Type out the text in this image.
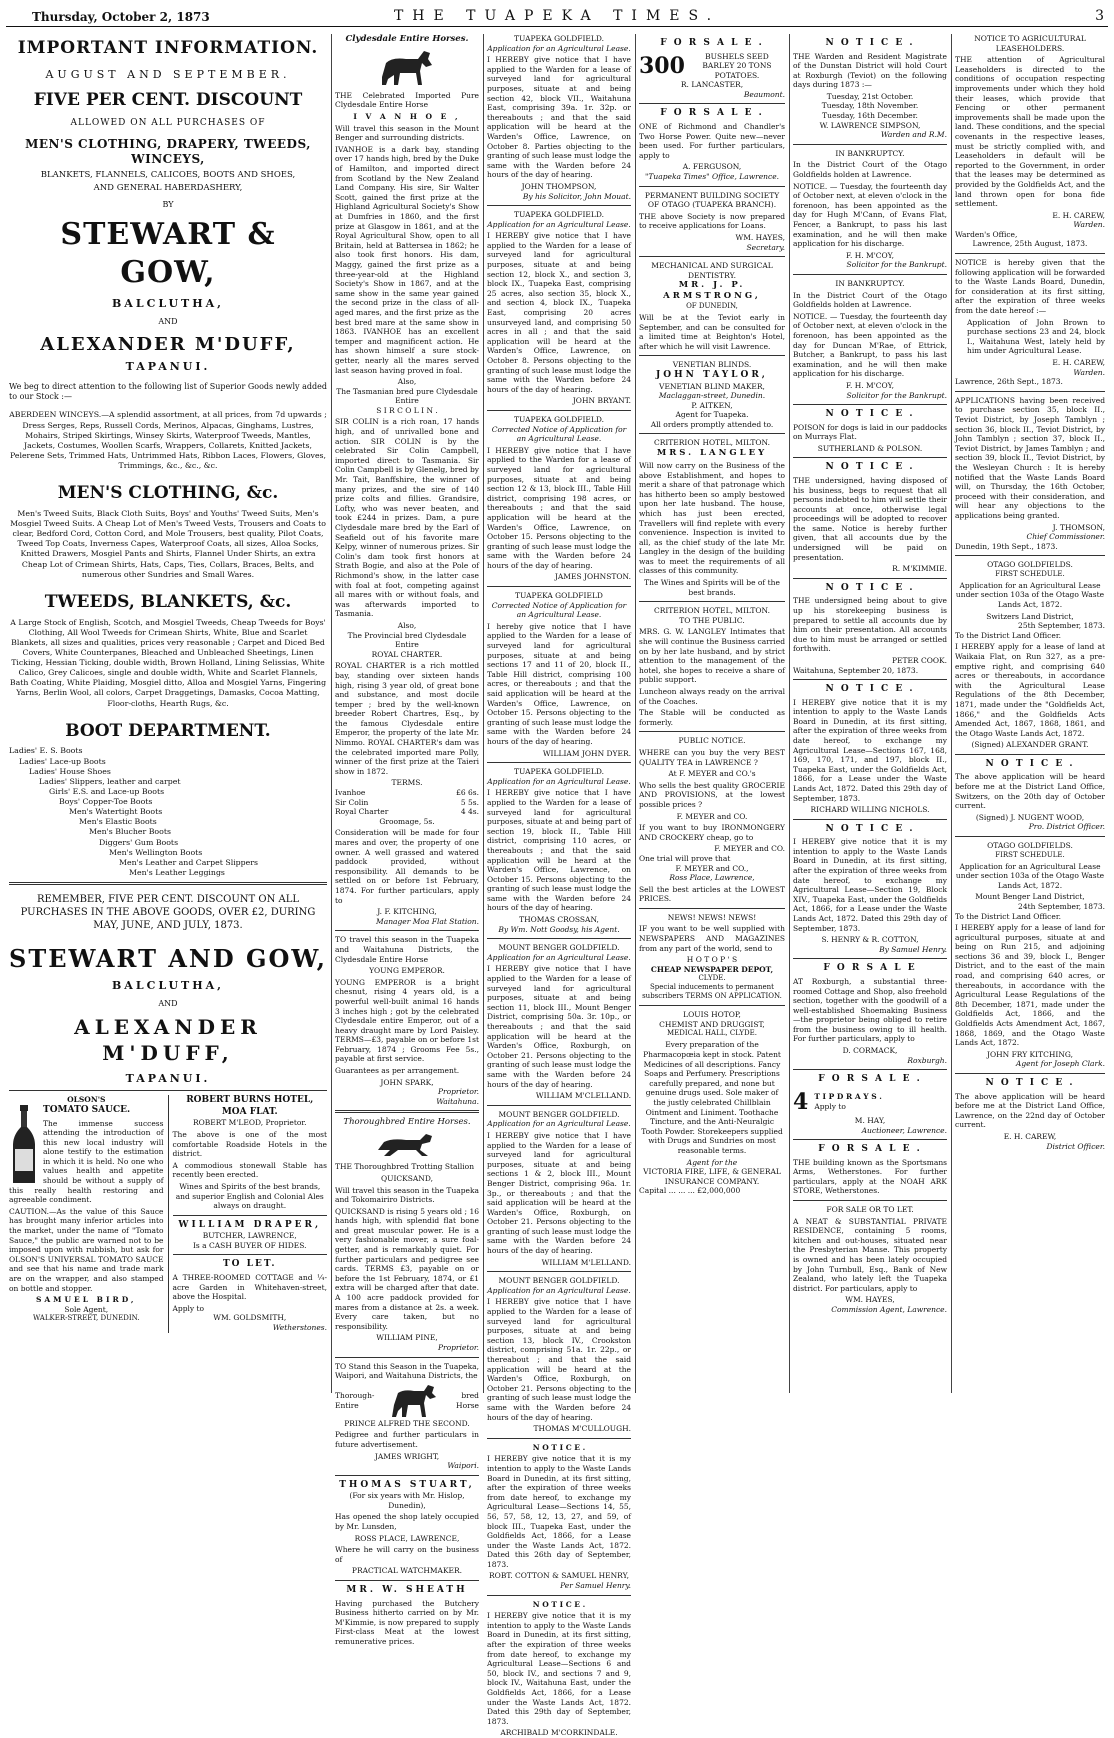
Thursday, October 2, 1873	THE TUAPEKA TIMES.	3
IMPORTANT INFORMATION.
AUGUST AND SEPTEMBER.
FIVE PER CENT. DISCOUNT
ALLOWED ON ALL PURCHASES OF
MEN'S CLOTHING, DRAPERY, TWEEDS, WINCEYS,
BLANKETS, FLANNELS, CALICOES, BOOTS AND SHOES,
AND GENERAL HABERDASHERY,
BY
STEWART & GOW,
BALCLUTHA,
AND
ALEXANDER M'DUFF,
TAPANUI.

We beg to direct attention to the following list of Superior Goods newly added to our Stock :—

ABERDEEN WINCEYS.—A splendid assortment, at all prices, from 7d upwards ; Dress Serges, Reps, Russell Cords, Merinos, Alpacas, Ginghams, Lustres, Mohairs, Striped Skirtings, Winsey Skirts, Waterproof Tweeds, Mantles, Jackets, Costumes, Woollen Scarfs, Wrappers, Collarets, Knitted Jackets, Pelerene Sets, Trimmed Hats, Untrimmed Hats, Ribbon Laces, Flowers, Gloves, Trimmings, &c., &c., &c.
MEN'S CLOTHING, &c.
Men's Tweed Suits, Black Cloth Suits, Boys' and Youths' Tweed Suits, Men's Mosgiel Tweed Suits. A Cheap Lot of Men's Tweed Vests, Trousers and Coats to clear, Bedford Cord, Cotton Cord, and Mole Trousers, best quality, Pilot Coats, Tweed Top Coats, Inverness Capes, Waterproof Coats, all sizes, Alloa Socks, Knitted Drawers, Mosgiel Pants and Shirts, Flannel Under Shirts, an extra Cheap Lot of Crimean Shirts, Hats, Caps, Ties, Collars, Braces, Belts, and numerous other Sundries and Small Wares.
TWEEDS, BLANKETS, &c.
A Large Stock of English, Scotch, and Mosgiel Tweeds, Cheap Tweeds for Boys' Clothing, All Wool Tweeds for Crimean Shirts, White, Blue and Scarlet Blankets, all sizes and qualities, prices very reasonable ; Carpet and Diced Bed Covers, White Counterpanes, Bleached and Unbleached Sheetings, Linen Ticking, Hessian Ticking, double width, Brown Holland, Lining Selissias, White Calico, Grey Calicoes, single and double width, White and Scarlet Flannels, Bath Coating, White Plaiding, Mosgiel ditto, Alloa and Mosgiel Yarns, Fingering Yarns, Berlin Wool, all colors, Carpet Draggetings, Damasks, Cocoa Matting, Floor-cloths, Hearth Rugs, &c.
BOOT DEPARTMENT.
Ladies' E. S. Boots
Ladies' Lace-up Boots
Ladies' House Shoes
Ladies' Slippers, leather and carpet
Girls' E.S. and Lace-up Boots
Boys' Copper-Toe Boots
Men's Watertight Boots
Men's Elastic Boots
Men's Blucher Boots
Diggers' Gum Boots
Men's Wellington Boots
Men's Leather and Carpet Slippers
Men's Leather Leggings
REMEMBER, FIVE PER CENT. DISCOUNT ON ALL PURCHASES IN THE ABOVE GOODS, OVER £2, DURING MAY, JUNE, AND JULY, 1873.
STEWART AND GOW,
BALCLUTHA,
AND
ALEXANDER M'DUFF,
TAPANUI.
OLSON'S
TOMATO SAUCE.

The immense success attending the introduction of this new local industry will alone testify to the estimation in which it is held. No one who values health and appetite should be without a supply of this really health restoring and agreeable condiment.

CAUTION.—As the value of this Sauce has brought many inferior articles into the market, under the name of "Tomato Sauce," the public are warned not to be imposed upon with rubbish, but ask for OLSON'S UNIVERSAL TOMATO SAUCE and see that his name and trade mark are on the wrapper, and also stamped on bottle and stopper.

SAMUEL BIRD,
Sole Agent,
WALKER-STREET, DUNEDIN.
ROBERT BURNS HOTEL, MOA FLAT.
ROBERT M'LEOD, Proprietor.

The above is one of the most comfortable Roadside Hotels in the district.

A commodious stonewall Stable has recently been erected.

Wines and Spirits of the best brands, and superior English and Colonial Ales always on draught.

WILLIAM DRAPER,
BUTCHER, LAWRENCE,
Is a CASH BUYER OF HIDES.
TO LET.

A THREE-ROOMED COTTAGE and ¼-acre Garden in Whitehaven-street, above the Hospital.

Apply to
WM. GOLDSMITH,
Wetherstones.
Clydesdale Entire Horses.

THE Celebrated Imported Pure Clydesdale Entire Horse

I V A N H O E ,

Will travel this season in the Mount Benger and surrounding districts.

IVANHOE is a dark bay, standing over 17 hands high, bred by the Duke of Hamilton, and imported direct from Scotland by the New Zealand Land Company. His sire, Sir Walter Scott, gained the first prize at the Highland Agricultural Society's Show at Dumfries in 1860, and the first prize at Glasgow in 1861, and at the Royal Agricultural Show, open to all Britain, held at Battersea in 1862; he also took first honors. His dam, Maggy, gained the first prize as a three-year-old at the Highland Society's Show in 1867, and at the same show in the same year gained the second prize in the class of all-aged mares, and the first prize as the best bred mare at the same show in 1863. IVANHOE has an excellent temper and magnificent action. He has shown himself a sure stock-getter, nearly all the mares served last season having proved in foal.

Also,
The Tasmanian bred pure Clydesdale Entire
S I R C O L I N .

SIR COLIN is a rich roan, 17 hands high, and of unrivalled bone and action. SIR COLIN is by the celebrated Sir Colin Campbell, imported direct to Tasmania. Sir Colin Campbell is by Glenelg, bred by Mr. Tait, Banffshire, the winner of many prizes, and the sire of 140 prize colts and fillies. Grandsire, Lofty, who was never beaten, and took £244 in prizes. Dam, a pure Clydesdale mare bred by the Earl of Seafield out of his favorite mare Kelpy, winner of numerous prizes. Sir Colin's dam took first honors at Strath Bogie, and also at the Pole of Richmond's show, in the latter case with foal at foot, competing against all mares with or without foals, and was afterwards imported to Tasmania.

Also,
The Provincial bred Clydesdale Entire
ROYAL CHARTER.

ROYAL CHARTER is a rich mottled bay, standing over sixteen hands high, rising 3 year old, of great bone and substance, and most docile temper ; bred by the well-known breeder Robert Chartres, Esq., by the famous Clydesdale entire Emperor, the property of the late Mr. Nimmo. ROYAL CHARTER's dam was the celebrated imported mare Polly, winner of the first prize at the Taieri show in 1872.

TERMS.
Ivanhoe	£6 6s.
Sir Colin	5 5s.
Royal Charter	4 4s.
Groomage, 5s.

Consideration will be made for four mares and over, the property of one owner. A well grassed and watered paddock provided, without responsibility. All demands to be settled on or before 1st February, 1874. For further particulars, apply to

J. F. KITCHING,
Manager Moa Flat Station.

TO travel this season in the Tuapeka and Waitahuna Districts, the Clydesdale Entire Horse

YOUNG EMPEROR.

YOUNG EMPEROR is a bright chesnut, rising 4 years old, is a powerful well-built animal 16 hands 3 inches high ; got by the celebrated Clydesdale entire Emperor, out of a heavy draught mare by Lord Paisley. TERMS—£3, payable on or before 1st February, 1874 ; Grooms Fee 5s., payable at first service.

Guarantees as per arrangement.

JOHN SPARK,
Proprietor.
Waitahuna.
Thoroughbred Entire Horses.

THE Thoroughbred Trotting Stallion

QUICKSAND,

Will travel this season in the Tuapeka and Tokomairiro Districts.

QUICKSAND is rising 5 years old ; 16 hands high, with splendid flat bone and great muscular power. He is a very fashionable mover, a sure foal-getter, and is remarkably quiet. For further particulars and pedigree see cards. TERMS £3, payable on or before the 1st February, 1874, or £1 extra will be charged after that date. A 100 acre paddock provided for mares from a distance at 2s. a week. Every care taken, but no responsibility.

WILLIAM PINE,
Proprietor.

TO Stand this Season in the Tuapeka, Waipori, and Waitahuna Districts, the

Thorough-
Entire
bred
Horse
PRINCE ALFRED THE SECOND.

Pedigree and further particulars in future advertisement.

JAMES WRIGHT,
Waipori.
THOMAS STUART,
(For six years with Mr. Hislop, Dunedin),

Has opened the shop lately occupied by Mr. Lunsden,

ROSS PLACE, LAWRENCE,

Where he will carry on the business of

PRACTICAL WATCHMAKER.
MR. W. SHEATH

Having purchased the Butchery Business hitherto carried on by Mr. M'Kimmie, is now prepared to supply First-class Meat at the lowest remunerative prices.

TUAPEKA GOLDFIELD.
Application for an Agricultural Lease.

I HEREBY give notice that I have applied to the Warden for a lease of surveyed land for agricultural purposes, situate at and being section 42, block VII., Waitahuna East, comprising 39a. 1r. 32p. or thereabouts ; and that the said application will be heard at the Warden's Office, Lawrence, on October 8. Parties objecting to the granting of such lease must lodge the same with the Warden before 24 hours of the day of hearing.

JOHN THOMPSON,
By his Solicitor, John Mouat.
TUAPEKA GOLDFIELD.
Application for an Agricultural Lease.

I HEREBY give notice that I have applied to the Warden for a lease of surveyed land for agricultural purposes, situate at and being section 12, block X., and section 3, block IX., Tuapeka East, comprising 25 acres, also section 35, block X., and section 4, block IX., Tuapeka East, comprising 20 acres unsurveyed land, and comprising 50 acres in all ; and that the said application will be heard at the Warden's Office, Lawrence, on October 8. Persons objecting to the granting of such lease must lodge the same with the Warden before 24 hours of the day of hearing.

JOHN BRYANT.
TUAPEKA GOLDFIELD.
Corrected Notice of Application for an Agricultural Lease.

I HEREBY give notice that I have applied to the Warden for a lease of surveyed land for agricultural purposes, situate at and being section 12 & 13, block III., Table Hill district, comprising 198 acres, or thereabouts ; and that the said application will be heard at the Warden's Office, Lawrence, on October 15. Persons objecting to the granting of such lease must lodge the same with the Warden before 24 hours of the day of hearing.

JAMES JOHNSTON.
TUAPEKA GOLDFIELD
Corrected Notice of Application for an Agricultural Lease.

I hereby give notice that I have applied to the Warden for a lease of surveyed land for agricultural purposes, situate at and being sections 17 and 11 of 20, block II., Table Hill district, comprising 100 acres, or thereabouts ; and that the said application will be heard at the Warden's Office, Lawrence, on October 15. Persons objecting to the granting of such lease must lodge the same with the Warden before 24 hours of the day of hearing.

WILLIAM JOHN DYER.
TUAPEKA GOLDFIELD.
Application for an Agricultural Lease.

I HEREBY give notice that I have applied to the Warden for a lease of surveyed land for agricultural purposes, situate at and being part of section 19, block II., Table Hill district, comprising 110 acres, or thereabouts ; and that the said application will be heard at the Warden's Office, Lawrence, on October 15. Persons objecting to the granting of such lease must lodge the same with the Warden before 24 hours of the day of hearing.

THOMAS CROSSAN,
By Wm. Nott Goodsy, his Agent.
MOUNT BENGER GOLDFIELD.
Application for an Agricultural Lease.

I HEREBY give notice that I have applied to the Warden for a lease of surveyed land for agricultural purposes, situate at and being section 11, block III., Mount Benger District, comprising 50a. 3r. 10p., or thereabouts ; and that the said application will be heard at the Warden's Office, Roxburgh, on October 21. Persons objecting to the granting of such lease must lodge the same with the Warden before 24 hours of the day of hearing.

WILLIAM M'CLELLAND.
MOUNT BENGER GOLDFIELD.
Application for an Agricultural Lease.

I HEREBY give notice that I have applied to the Warden for a lease of surveyed land for agricultural purposes, situate at and being sections 1 & 2, block III., Mount Benger District, comprising 96a. 1r. 3p., or thereabouts ; and that the said application will be heard at the Warden's Office, Roxburgh, on October 21. Persons objecting to the granting of such lease must lodge the same with the Warden before 24 hours of the day of hearing.

WILLIAM M'LELLAND.
MOUNT BENGER GOLDFIELD.
Application for an Agricultural Lease.

I HEREBY give notice that I have applied to the Warden for a lease of surveyed land for agricultural purposes, situate at and being section 13, block IV., Crookston district, comprising 51a. 1r. 22p., or thereabout ; and that the said application will be heard at the Warden's Office, Roxburgh, on October 21. Persons objecting to the granting of such lease must lodge the same with the Warden before 24 hours of the day of hearing.

THOMAS M'CULLOUGH.
N O T I C E .

I HEREBY give notice that it is my intention to apply to the Waste Lands Board in Dunedin, at its first sitting, after the expiration of three weeks from date hereof, to exchange my Agricultural Lease—Sections 14, 55, 56, 57, 58, 12, 13, 27, and 59, of block III., Tuapeka East, under the Goldfields Act, 1866, for a Lease under the Waste Lands Act, 1872. Dated this 26th day of September, 1873.

ROBT. COTTON & SAMUEL HENRY,
Per Samuel Henry.
N O T I C E .

I HEREBY give notice that it is my intention to apply to the Waste Lands Board in Dunedin, at its first sitting, after the expiration of three weeks from date hereof, to exchange my Agricultural Lease—Sections 6 and 50, block IV., and sections 7 and 9, block IV., Waitahuna East, under the Goldfields Act, 1866, for a Lease under the Waste Lands Act, 1872. Dated this 29th day of September, 1873.

ARCHIBALD M'CORKINDALE.
F O R S A L E .
300	BUSHELS SEED BARLEY 20 TONS POTATOES.
R. LANCASTER,
Beaumont.
F O R S A L E .

ONE of Richmond and Chandler's Two Horse Power. Quite new—never been used. For further particulars, apply to

A. FERGUSON,
"Tuapeka Times" Office, Lawrence.
PERMANENT BUILDING SOCIETY OF OTAGO (TUAPEKA BRANCH).

THE above Society is now prepared to receive applications for Loans.

WM. HAYES,
Secretary.
MECHANICAL AND SURGICAL DENTISTRY.
MR. J. P. ARMSTRONG,
OF DUNEDIN,

Will be at the Teviot early in September, and can be consulted for a limited time at Beighton's Hotel, after which he will visit Lawrence.

VENETIAN BLINDS.
JOHN TAYLOR,
VENETIAN BLIND MAKER,
Maclaggan-street, Dunedin.
P. AITKEN,
Agent for Tuapeka.
All orders promptly attended to.
CRITERION HOTEL, MILTON.
MRS. LANGLEY

Will now carry on the Business of the above Establishment, and hopes to merit a share of that patronage which has hitherto been so amply bestowed upon her late husband. The house, which has just been erected, Travellers will find replete with every convenience. Inspection is invited to all, as the chief study of the late Mr. Langley in the design of the building was to meet the requirements of all classes of this community.

The Wines and Spirits will be of the best brands.

CRITERION HOTEL, MILTON.
TO THE PUBLIC.

MRS. G. W. LANGLEY Intimates that she will continue the Business carried on by her late husband, and by strict attention to the management of the hotel, she hopes to receive a share of public support.

Luncheon always ready on the arrival of the Coaches.

The Stable will be conducted as formerly.

PUBLIC NOTICE.

WHERE can you buy the very BEST QUALITY TEA in LAWRENCE ?

At F. MEYER and CO.'s

Who sells the best quality GROCERIE AND PROVISIONS, at the lowest possible prices ?

F. MEYER and CO.

If you want to buy IRONMONGERY AND CROCKERY cheap, go to

F. MEYER and CO.
One trial will prove that
F. MEYER and CO.,
Ross Place, Lawrence,

Sell the best articles at the LOWEST PRICES.

NEWS! NEWS! NEWS!

IF you want to be well supplied with NEWSPAPERS AND MAGAZINES from any part of the world, send to

H O T O P ' S
CHEAP NEWSPAPER DEPOT,
CLYDE.
Special inducements to permanent subscribers TERMS ON APPLICATION.
LOUIS HOTOP,
CHEMIST AND DRUGGIST,
MEDICAL HALL, CLYDE.

Every preparation of the Pharmacopœia kept in stock. Patent Medicines of all descriptions. Fancy Soaps and Perfumery. Prescriptions carefully prepared, and none but genuine drugs used. Sole maker of the justly celebrated Chillblain Ointment and Liniment. Toothache Tincture, and the Anti-Neuralgic Tooth Powder. Storekeepers supplied with Drugs and Sundries on most reasonable terms.

Agent for the
VICTORIA FIRE, LIFE, & GENERAL INSURANCE COMPANY.
Capital ... ... ... £2,000,000
N O T I C E .

THE Warden and Resident Magistrate of the Dunstan District will hold Court at Roxburgh (Teviot) on the following days during 1873 :—

Tuesday, 21st October.
Tuesday, 18th November.
Tuesday, 16th December.
W. LAWRENCE SIMPSON,
Warden and R.M.
IN BANKRUPTCY.

In the District Court of the Otago Goldfields holden at Lawrence.

NOTICE. — Tuesday, the fourteenth day of October next, at eleven o'clock in the forenoon, has been appointed as the day for Hugh M'Cann, of Evans Flat, Fencer, a Bankrupt, to pass his last examination, and he will then make application for his discharge.

F. H. M'COY,
Solicitor for the Bankrupt.
IN BANKRUPTCY.

In the District Court of the Otago Goldfields holden at Lawrence.

NOTICE. — Tuesday, the fourteenth day of October next, at eleven o'clock in the forenoon, has been appointed as the day for Duncan M'Rae, of Ettrick, Butcher, a Bankrupt, to pass his last examination, and he will then make application for his discharge.

F. H. M'COY,
Solicitor for the Bankrupt.
N O T I C E .

POISON for dogs is laid in our paddocks on Murrays Flat.

SUTHERLAND & POLSON.
N O T I C E .

THE undersigned, having disposed of his business, begs to request that all persons indebted to him will settle their accounts at once, otherwise legal proceedings will be adopted to recover the same. Notice is hereby further given, that all accounts due by the undersigned will be paid on presentation.

R. M'KIMMIE.
N O T I C E .

THE undersigned being about to give up his storekeeping business is prepared to settle all accounts due by him on their presentation. All accounts due to him must be arranged or settled forthwith.

PETER COOK.
Waitahuna, September 20, 1873.
N O T I C E .

I HEREBY give notice that it is my intention to apply to the Waste Lands Board in Dunedin, at its first sitting, after the expiration of three weeks from date hereof, to exchange my Agricultural Lease—Sections 167, 168, 169, 170, 171, and 197, block II., Tuapeka East, under the Goldfields Act, 1866, for a Lease under the Waste Lands Act, 1872. Dated this 29th day of September, 1873.

RICHARD WILLING NICHOLS.
N O T I C E .

I HEREBY give notice that it is my intention to apply to the Waste Lands Board in Dunedin, at its first sitting, after the expiration of three weeks from date hereof, to exchange my Agricultural Lease—Section 19, Block XIV., Tuapeka East, under the Goldfields Act, 1866, for a Lease under the Waste Lands Act, 1872. Dated this 29th day of September, 1873.

S. HENRY & R. COTTON,
By Samuel Henry.
F O R S A L E

AT Roxburgh, a substantial three-roomed Cottage and Shop, also freehold section, together with the goodwill of a well-established Shoemaking Business —the proprietor being obliged to retire from the business owing to ill health. For further particulars, apply to

D. CORMACK,
Roxburgh.
F O R S A L E .
4 T I P D R A Y S .
Apply to
M. HAY,
Auctioneer, Lawrence.
F O R S A L E .

THE building known as the Sportsmans Arms, Wetherstones. For further particulars, apply at the NOAH ARK STORE, Wetherstones.

FOR SALE OR TO LET.

A NEAT & SUBSTANTIAL PRIVATE RESIDENCE, containing 5 rooms, kitchen and out-houses, situated near the Presbyterian Manse. This property is owned and has been lately occupied by John Turnbull, Esq., Bank of New Zealand, who lately left the Tuapeka district. For particulars, apply to

WM. HAYES,
Commission Agent, Lawrence.
NOTICE TO AGRICULTURAL LEASEHOLDERS.

THE attention of Agricultural Leaseholders is directed to the conditions of occupation respecting improvements under which they hold their leases, which provide that Fencing or other permanent improvements shall be made upon the land. These conditions, and the special covenants in the respective leases, must be strictly complied with, and Leaseholders in default will be reported to the Government, in order that the leases may be determined as provided by the Goldfields Act, and the land thrown open for bona fide settlement.

E. H. CAREW,
Warden.
Warden's Office,
Lawrence, 25th August, 1873.

NOTICE is hereby given that the following application will be forwarded to the Waste Lands Board, Dunedin, for consideration at its first sitting, after the expiration of three weeks from the date hereof :—

Application of John Brown to purchase sections 23 and 24, block I., Waitahuna West, lately held by him under Agricultural Lease.

E. H. CAREW,
Warden.
Lawrence, 26th Sept., 1873.

APPLICATIONS having been received to purchase section 35, block II., Teviot District, by Joseph Tamblyn ; section 36, block II., Teviot District, by John Tamblyn ; section 37, block II., Teviot District, by James Tamblyn ; and section 39, block II., Teviot District, by the Wesleyan Church : It is hereby notified that the Waste Lands Board will, on Thursday, the 16th October, proceed with their consideration, and will hear any objections to the applications being granted.

J. THOMSON,
Chief Commissioner.
Dunedin, 19th Sept., 1873.
OTAGO GOLDFIELDS.
FIRST SCHEDULE.

Application for an Agricultural Lease under section 103a of the Otago Waste Lands Act, 1872.

Switzers Land District,
25th September, 1873.
To the District Land Officer.

I HEREBY apply for a lease of land at Waikaia Flat, on Run 327, as a pre-emptive right, and comprising 640 acres or thereabouts, in accordance with the Agricultural Lease Regulations of the 8th December, 1871, made under the "Goldfields Act, 1866," and the Goldfields Acts Amended Act, 1867, 1868, 1861, and the Otago Waste Lands Act, 1872.

(Signed) ALEXANDER GRANT.
N O T I C E .

The above application will be heard before me at the District Land Office, Switzers, on the 20th day of October current.

(Signed) J. NUGENT WOOD,
Pro. District Officer.
OTAGO GOLDFIELDS.
FIRST SCHEDULE.

Application for an Agricultural Lease under section 103a of the Otago Waste Lands Act, 1872.

Mount Benger Land District,
24th September, 1873.
To the District Land Officer.

I HEREBY apply for a lease of land for agricultural purposes, situate at and being on Run 215, and adjoining sections 36 and 39, block I., Benger District, and to the east of the main road, and comprising 640 acres, or thereabouts, in accordance with the Agricultural Lease Regulations of the 8th December, 1871, made under the Goldfields Act, 1866, and the Goldfields Acts Amendment Act, 1867, 1868, 1869, and the Otago Waste Lands Act, 1872.

JOHN FRY KITCHING,
Agent for Joseph Clark.
N O T I C E .

The above application will be heard before me at the District Land Office, Lawrence, on the 22nd day of October current.

E. H. CAREW,
District Officer.
